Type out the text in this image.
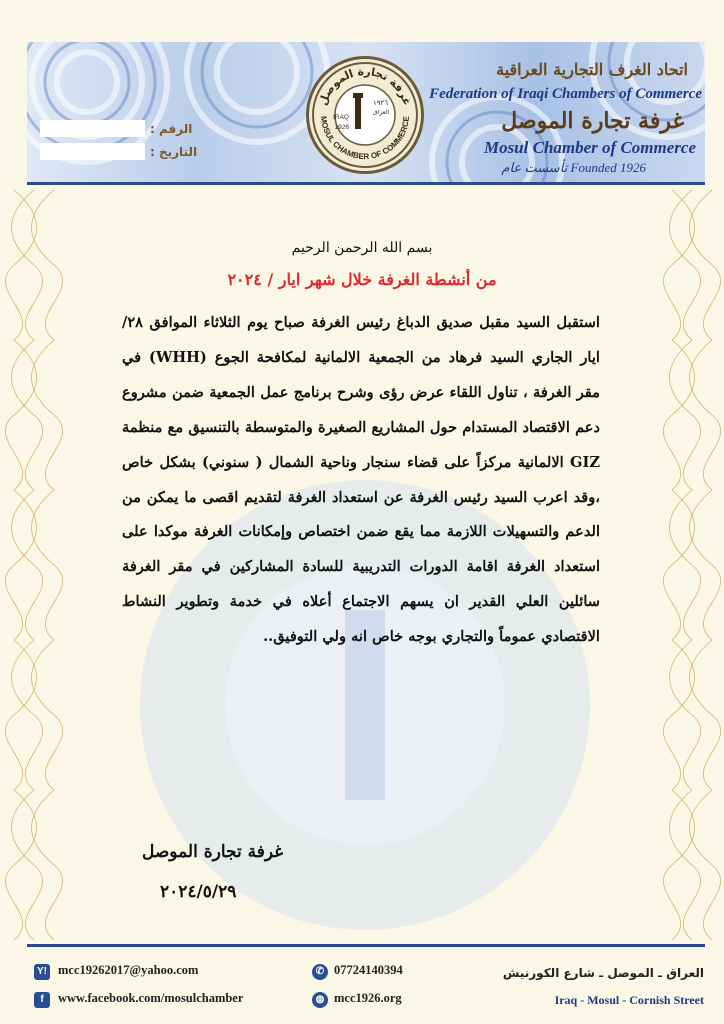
غرفة تجارة الموصل
MOSUL CHAMBER OF COMMERCE
١٩٢٦
العراق
IRAQ
1926
اتحاد الغرف التجارية العراقية
Federation of Iraqi Chambers of Commerce
غرفة تجارة الموصل
Mosul Chamber of Commerce
Founded 1926 تأسست عام
الرقم :
التاريخ :
بسم الله الرحمن الرحيم
من أنشطة الغرفة خلال شهر ايار / ٢٠٢٤
استقبل السيد مقبل صديق الدباغ رئيس الغرفة صباح يوم الثلاثاء الموافق ٢٨/ايار الجاري السيد فرهاد من الجمعية الالمانية لمكافحة الجوع (WHH) في مقر الغرفة ، تناول اللقاء عرض رؤى وشرح برنامج عمل الجمعية ضمن مشروع دعم الاقتصاد المستدام حول المشاريع الصغيرة والمتوسطة بالتنسيق مع منظمة GIZ الالمانية مركزاً على قضاء سنجار وناحية الشمال ( سنوني) بشكل خاص ،وقد اعرب السيد رئيس الغرفة عن استعداد الغرفة لتقديم اقصى ما يمكن من الدعم والتسهيلات اللازمة مما يقع ضمن اختصاص وإمكانات الغرفة موكدا على استعداد الغرفة اقامة الدورات التدريبية للسادة المشاركين في مقر الغرفة سائلين العلي القدير ان يسهم الاجتماع أعلاه في خدمة وتطوير النشاط الاقتصادي عموماً والتجاري بوجه خاص انه ولي التوفيق..
غرفة تجارة الموصل
٢٠٢٤/٥/٢٩
Y! mcc19262017@yahoo.com
f	www.facebook.com/mosulchamber
✆ 07724140394
◍ mcc1926.org
العراق ـ الموصل ـ شارع الكورنيش
Iraq - Mosul - Cornish Street
